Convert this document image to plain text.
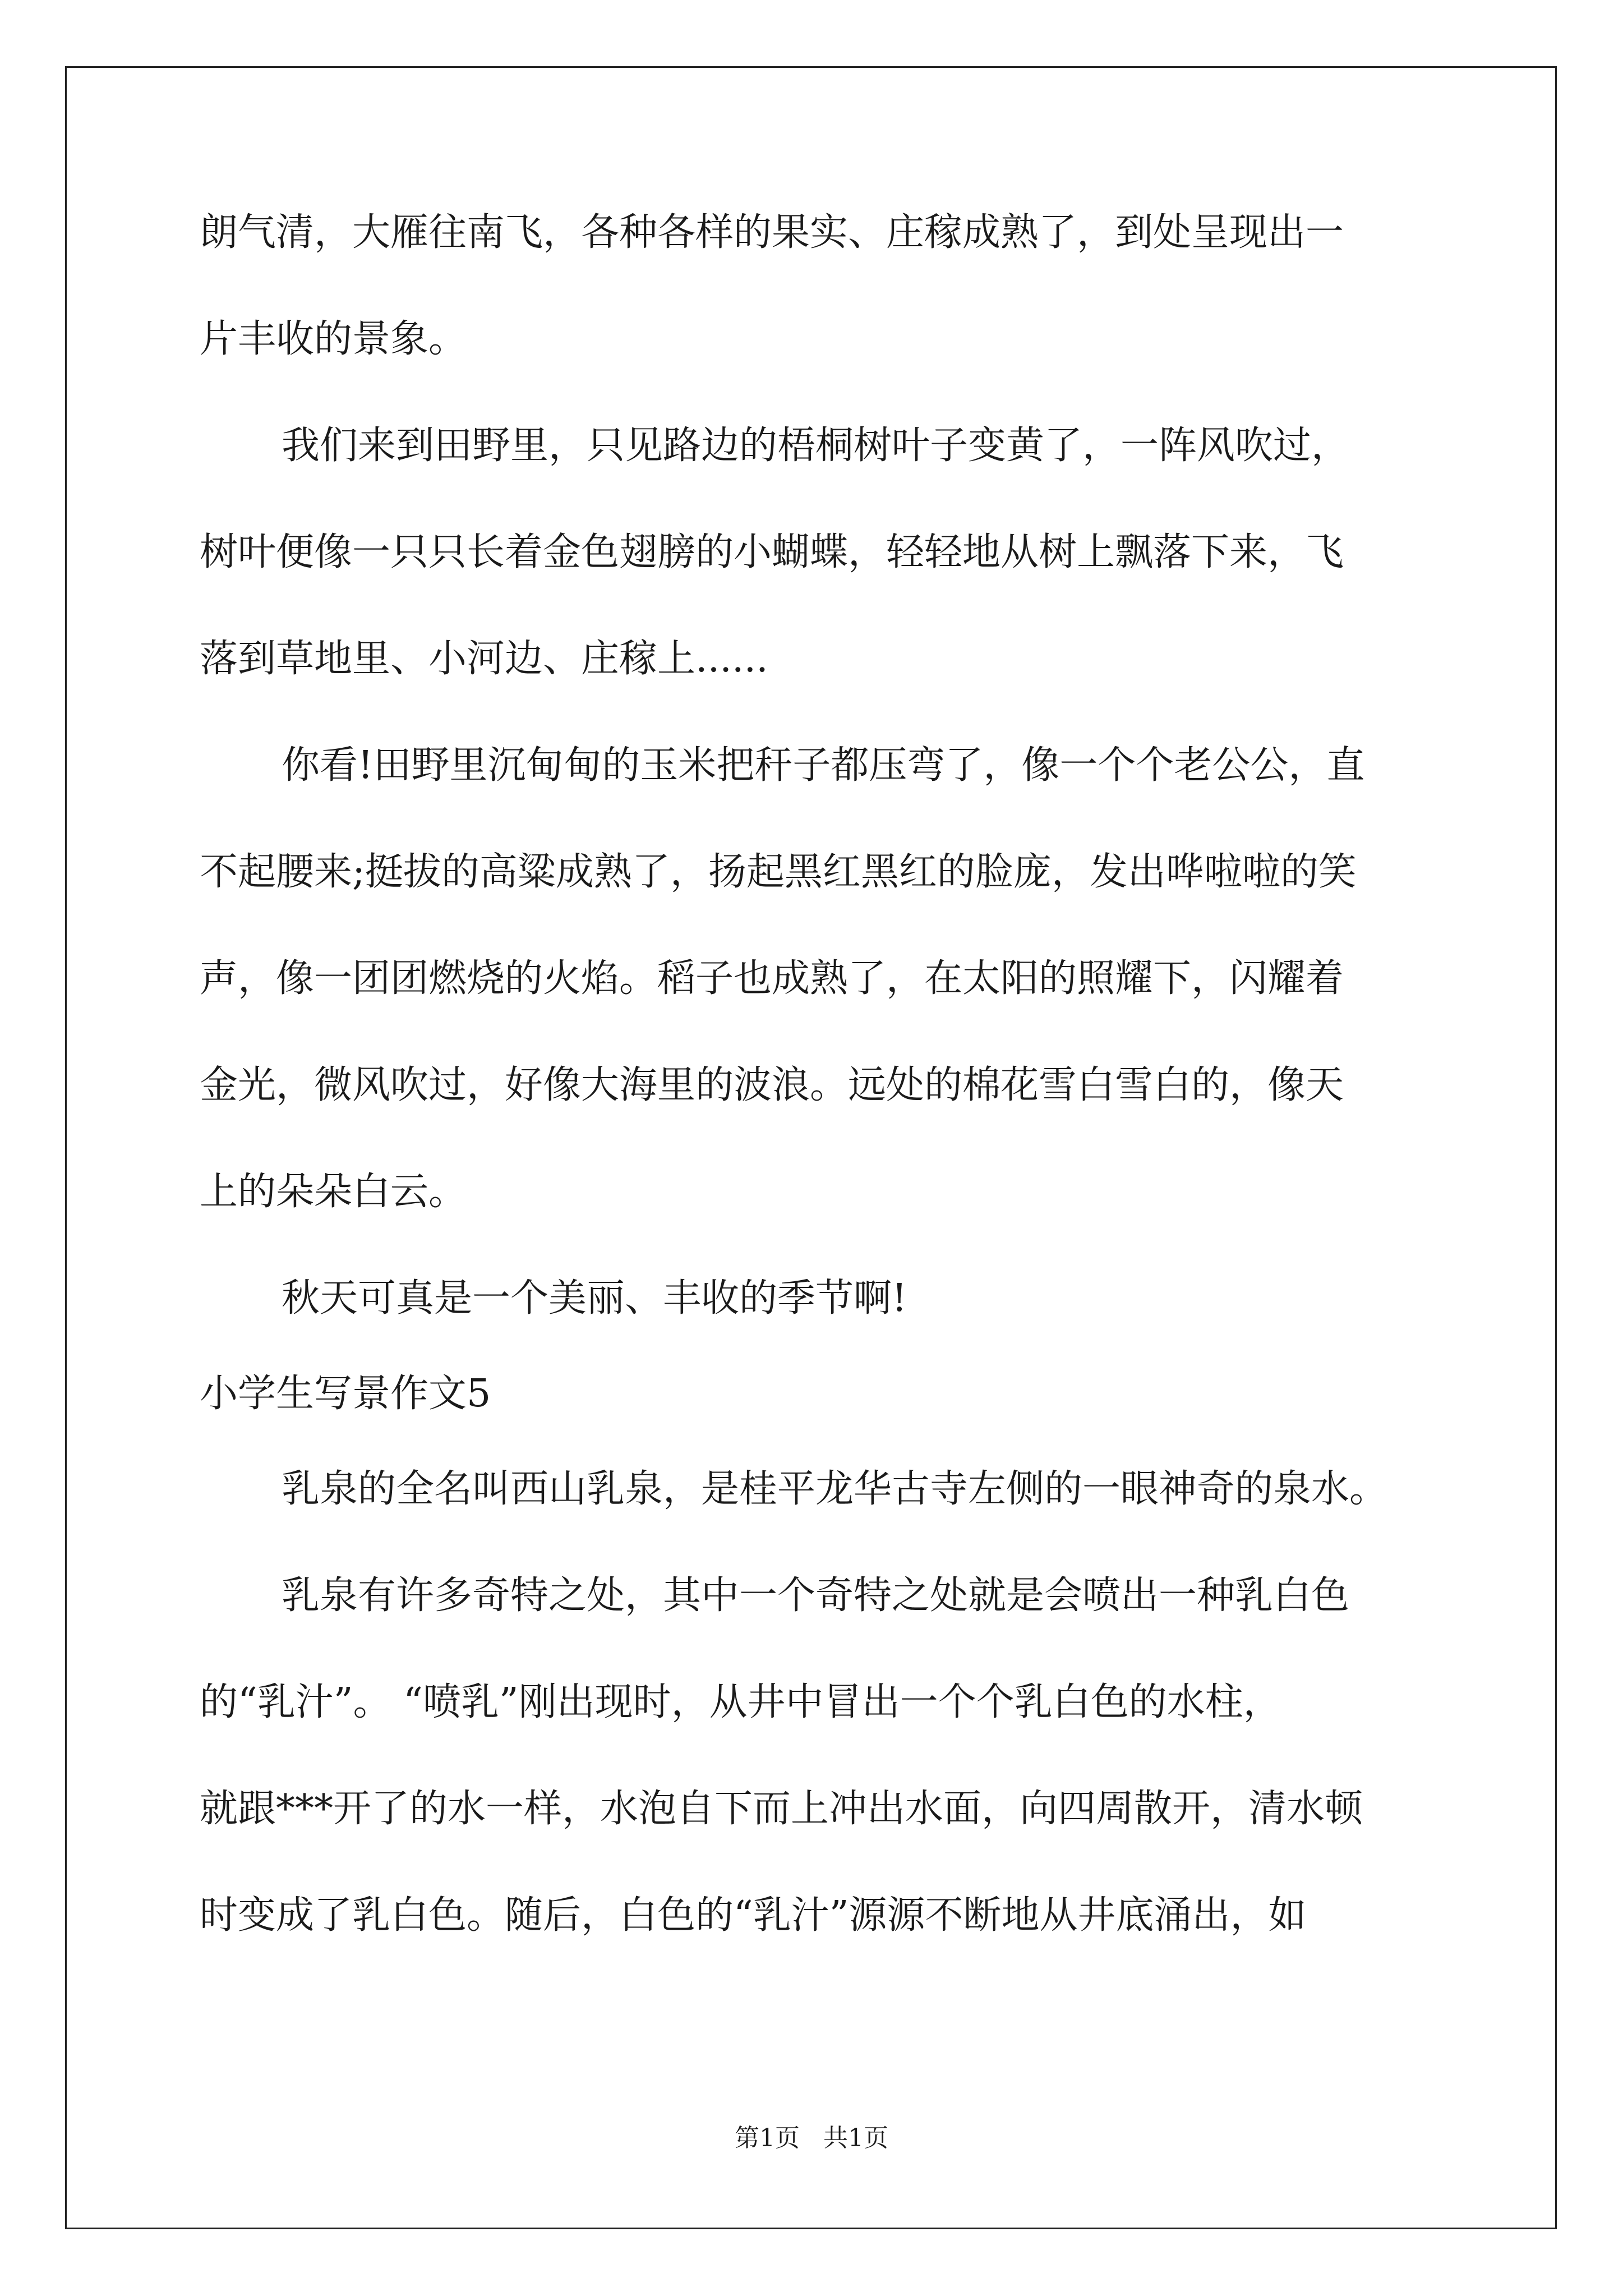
朗气清，大雁往南飞，各种各样的果实、庄稼成熟了，到处呈现出一
片丰收的景象。
我们来到田野里，只见路边的梧桐树叶子变黄了，一阵风吹过，
树叶便像一只只长着金色翅膀的小蝴蝶，轻轻地从树上飘落下来，飞
落到草地里、小河边、庄稼上......
你看!田野里沉甸甸的玉米把秆子都压弯了，像一个个老公公，直
不起腰来;挺拔的高粱成熟了，扬起黑红黑红的脸庞，发出哗啦啦的笑
声，像一团团燃烧的火焰。稻子也成熟了，在太阳的照耀下，闪耀着
金光，微风吹过，好像大海里的波浪。远处的棉花雪白雪白的，像天
上的朵朵白云。
秋天可真是一个美丽、丰收的季节啊!
小学生写景作文5
乳泉的全名叫西山乳泉，是桂平龙华古寺左侧的一眼神奇的泉水。
乳泉有许多奇特之处，其中一个奇特之处就是会喷出一种乳白色
的“乳汁”。 “喷乳”刚出现时，从井中冒出一个个乳白色的水柱，
就跟***开了的水一样，水泡自下而上冲出水面，向四周散开，清水顿
时变成了乳白色。随后，白色的“乳汁”源源不断地从井底涌出，如
第1页   共1页
